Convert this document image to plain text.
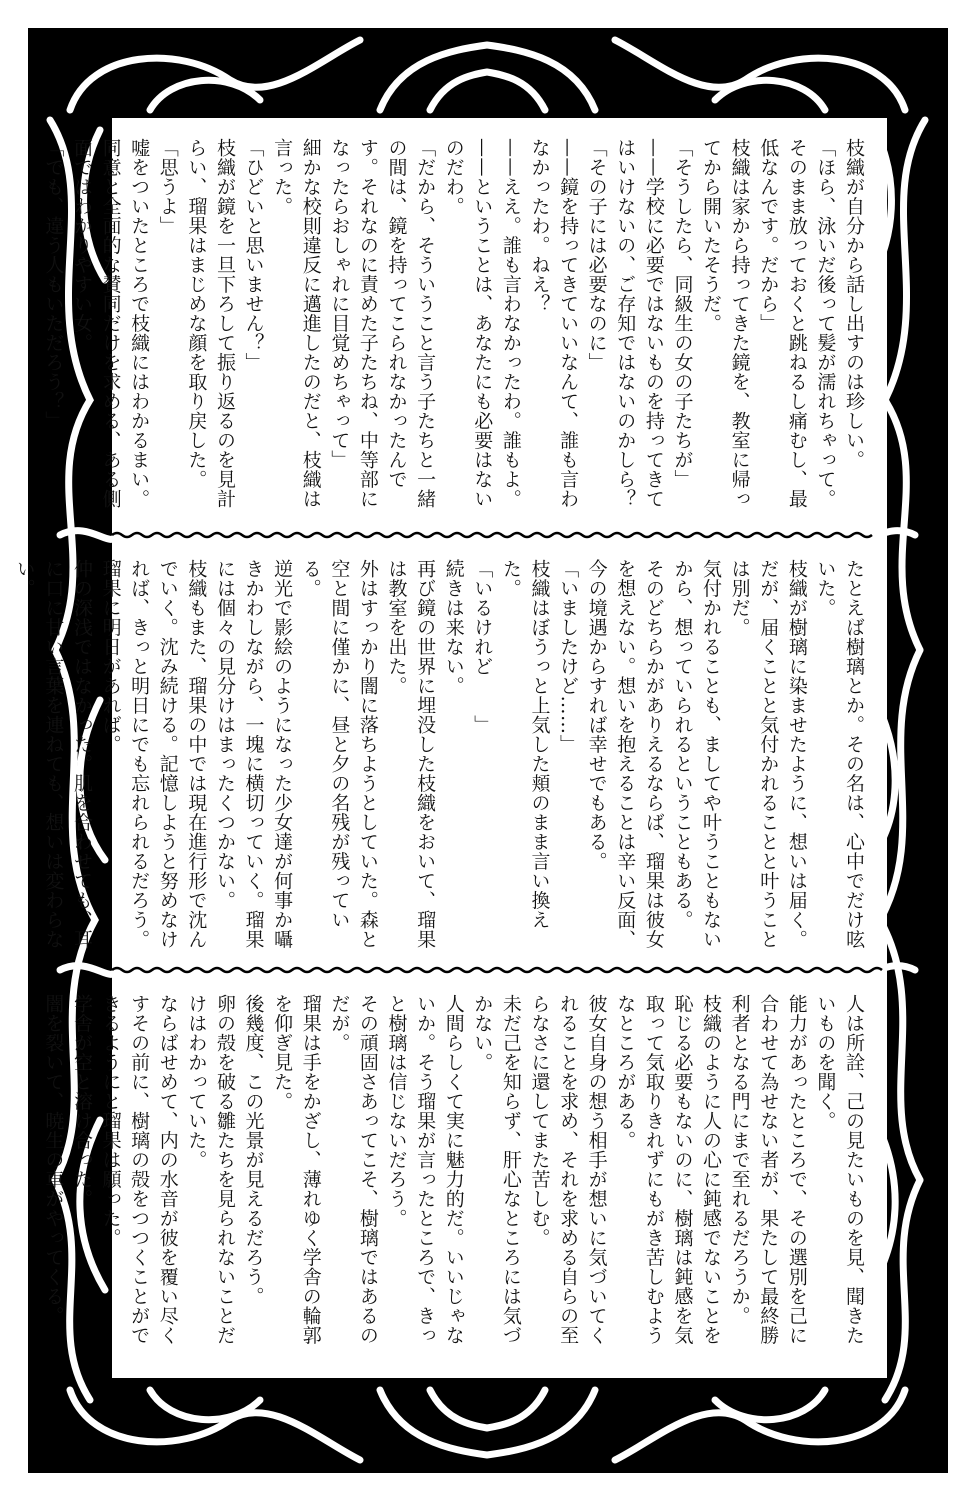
枝織が自分から話し出すのは珍しい。

「ほら、泳いだ後って髪が濡れちゃって。そのまま放っておくと跳ねるし痛むし、最低なんです。だから」

枝織は家から持ってきた鏡を、教室に帰ってから開いたそうだ。

「そうしたら、同級生の女の子たちが」

——学校に必要ではないものを持ってきてはいけないの、ご存知ではないのかしら？

「その子には必要なのに」

——鏡を持ってきていいなんて、誰も言わなかったわ。ねえ？

——ええ。誰も言わなかったわ。誰もよ。

——ということは、あなたにも必要はないのだわ。

「だから、そういうこと言う子たちと一緒の間は、鏡を持ってこられなかったんです。それなのに責めた子たちね、中等部になったらおしゃれに目覚めちゃって」

細かな校則違反に邁進したのだと、枝織は言った。

「ひどいと思いません？」

枝織が鏡を一旦下ろして振り返るのを見計らい、瑠果はまじめな顔を取り戻した。

「思うよ」

嘘をついたところで枝織にはわかるまい。同意と全面的な賛同だけを求める、ある側面ではわかりやすい女。

「でも、違う人もいただろう？」

たとえば樹璃とか。その名は、心中でだけ呟いた。

枝織が樹璃に染ませたように、想いは届く。だが、届くことと気付かれることと叶うことは別だ。

気付かれることも、ましてや叶うこともないから、想っていられるということもある。

そのどちらかがありえるならば、瑠果は彼女を想えない。想いを抱えることは辛い反面、今の境遇からすれば幸せでもある。

「いましたけど……」

枝織はぼうっと上気した頬のまま言い換えた。

「いるけれど　　」

続きは来ない。

再び鏡の世界に埋没した枝織をおいて、瑠果は教室を出た。

外はすっかり闇に落ちようとしていた。森と空と間に僅かに、昼と夕の名残が残っている。

逆光で影絵のようになった少女達が何事か囁きかわしながら、一塊に横切っていく。瑠果には個々の見分けはまったくつかない。

枝織もまた、瑠果の中では現在進行形で沈んでいく。沈み続ける。記憶しようと努めなければ、きっと明日にでも忘れられるだろう。瑠果に明日があれば。

仲の深浅ではなかった。肌を合わせても、耳に口に甘い言葉を連ねても、想いは変わらない。

人は所詮、己の見たいものを見、聞きたいものを聞く。

能力があったところで、その選別を己に合わせて為せない者が、果たして最終勝利者となる門にまで至れるだろうか。

枝織のように人の心に鈍感でないことを恥じる必要もないのに、樹璃は鈍感を気取って気取りきれずにもがき苦しむようなところがある。

彼女自身の想う相手が想いに気づいてくれることを求め、それを求める自らの至らなさに還してまた苦しむ。

未だ己を知らず、肝心なところには気づかない。

人間らしくて実に魅力的だ。いいじゃないか。そう瑠果が言ったところで、きっと樹璃は信じないだろう。

その頑固さあってこそ、樹璃ではあるのだが。

瑠果は手をかざし、薄れゆく学舎の輪郭を仰ぎ見た。

後幾度、この光景が見えるだろう。

卵の殻を破る雛たちを見られないことだけはわかっていた。

ならばせめて、内の水音が彼を覆い尽くすその前に、樹璃の殻をつつくことができるようにと瑠果は願った。

学舎が空と溶け合った。

闇を裂いて、暁生の車がやってくる。
